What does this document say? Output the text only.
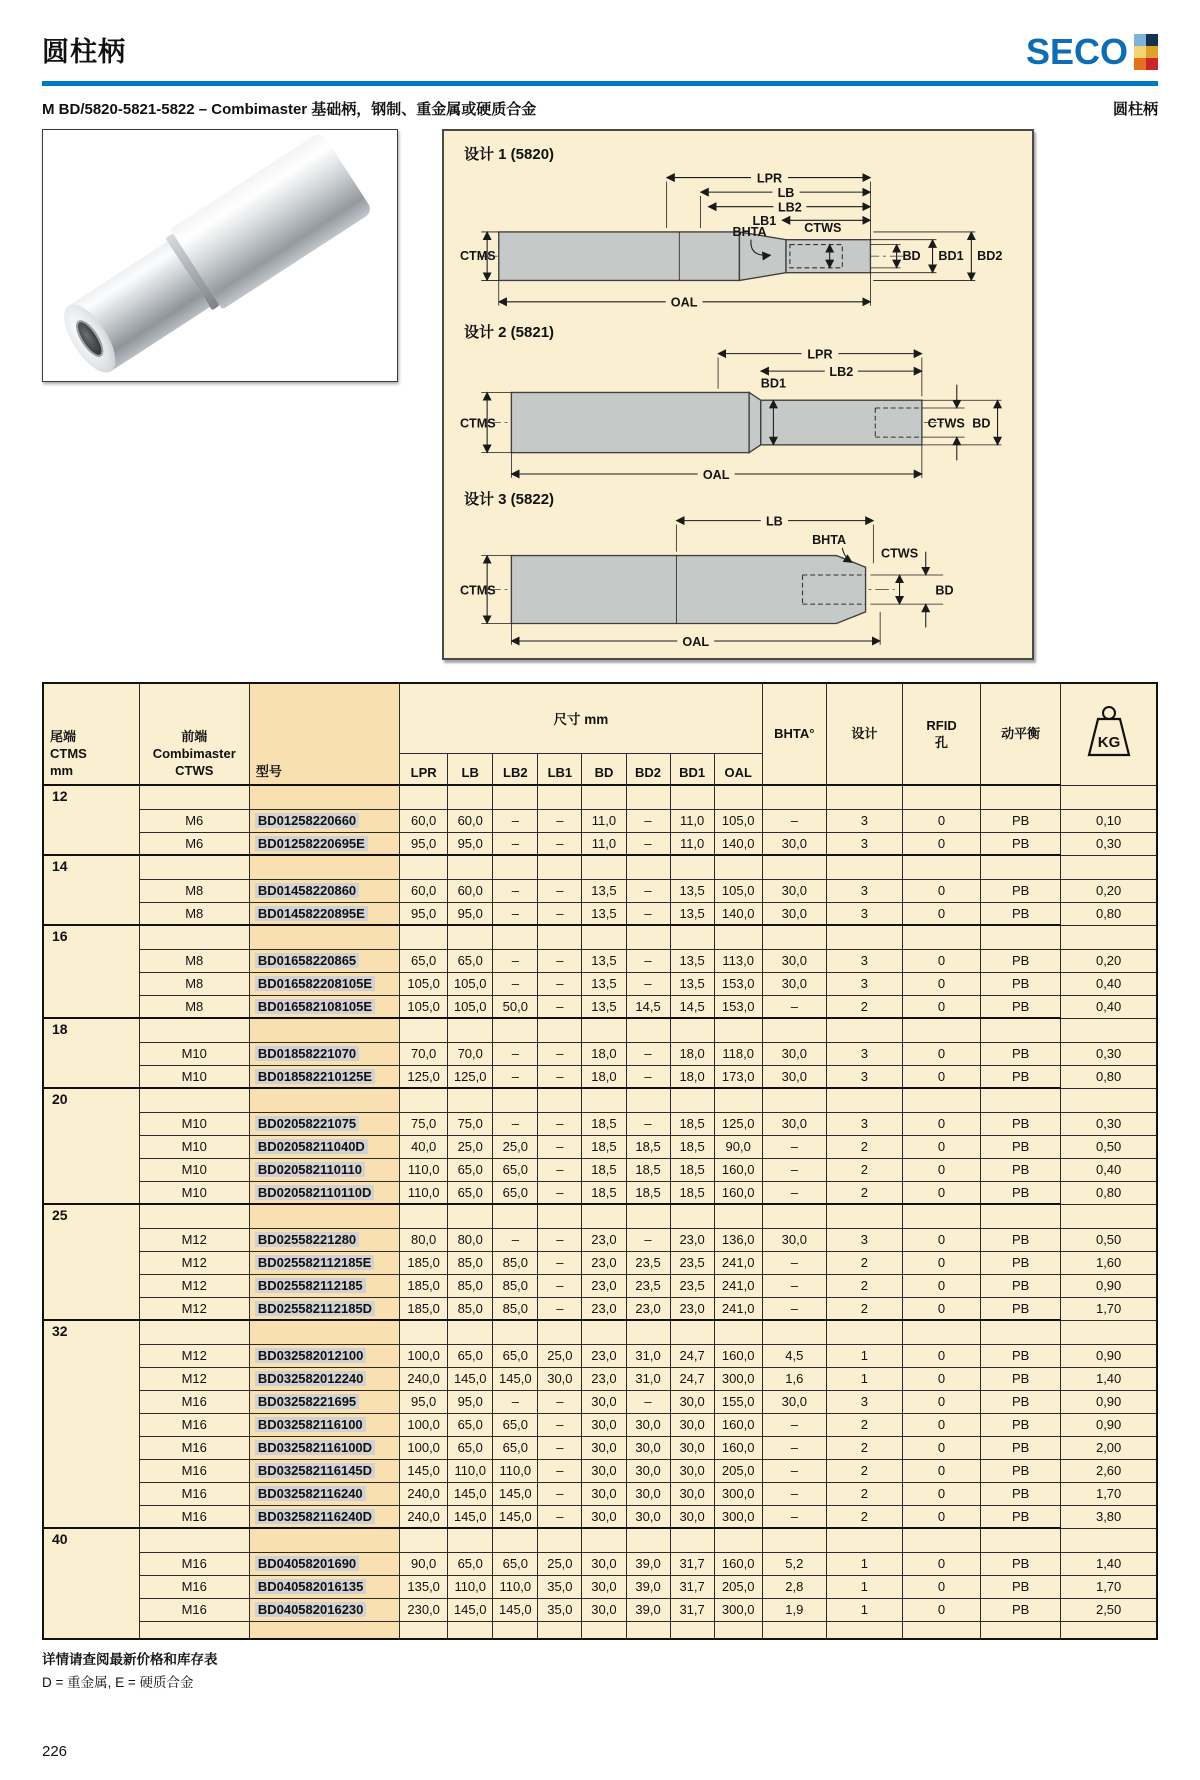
圆柱柄	SECO
M BD/5820-5821-5822 – Combimaster 基础柄，钢制、重金属或硬质合金	圆柱柄
设计 1 (5820)
LPR
LB
LB2
LB1
BHTA	CTWS
CTMS	BD BD1 BD2
OAL
设计 2 (5821)
LPR
LB2
BD1
CTMS	CTWS BD
OAL
设计 3 (5822)
LB
BHTA
CTWS
BD
CTMS
OAL
尾端
CTMS
mm	前端
Combimaster
CTWS	型号	尺寸 mm								BHTA°	设计	RFID
孔	动平衡	KG

			LPR	LB	LB2	LB1	BD	BD2	BD1	OAL					
12															
	M6	BD01258220660	60,0	60,0	–	–	11,0	–	11,0	105,0	–	3	0	PB	0,10
	M6	BD01258220695E	95,0	95,0	–	–	11,0	–	11,0	140,0	30,0	3	0	PB	0,30
14															
	M8	BD01458220860	60,0	60,0	–	–	13,5	–	13,5	105,0	30,0	3	0	PB	0,20
	M8	BD01458220895E	95,0	95,0	–	–	13,5	–	13,5	140,0	30,0	3	0	PB	0,80
16															
	M8	BD01658220865	65,0	65,0	–	–	13,5	–	13,5	113,0	30,0	3	0	PB	0,20
	M8	BD016582208105E	105,0	105,0	–	–	13,5	–	13,5	153,0	30,0	3	0	PB	0,40
	M8	BD016582108105E	105,0	105,0	50,0	–	13,5	14,5	14,5	153,0	–	2	0	PB	0,40
18															
	M10	BD01858221070	70,0	70,0	–	–	18,0	–	18,0	118,0	30,0	3	0	PB	0,30
	M10	BD018582210125E	125,0	125,0	–	–	18,0	–	18,0	173,0	30,0	3	0	PB	0,80
20															
	M10	BD02058221075	75,0	75,0	–	–	18,5	–	18,5	125,0	30,0	3	0	PB	0,30
	M10	BD02058211040D	40,0	25,0	25,0	–	18,5	18,5	18,5	90,0	–	2	0	PB	0,50
	M10	BD020582110110	110,0	65,0	65,0	–	18,5	18,5	18,5	160,0	–	2	0	PB	0,40
	M10	BD020582110110D	110,0	65,0	65,0	–	18,5	18,5	18,5	160,0	–	2	0	PB	0,80
25															
	M12	BD02558221280	80,0	80,0	–	–	23,0	–	23,0	136,0	30,0	3	0	PB	0,50
	M12	BD025582112185E	185,0	85,0	85,0	–	23,0	23,5	23,5	241,0	–	2	0	PB	1,60
	M12	BD025582112185	185,0	85,0	85,0	–	23,0	23,5	23,5	241,0	–	2	0	PB	0,90
	M12	BD025582112185D	185,0	85,0	85,0	–	23,0	23,0	23,0	241,0	–	2	0	PB	1,70
32															
	M12	BD032582012100	100,0	65,0	65,0	25,0	23,0	31,0	24,7	160,0	4,5	1	0	PB	0,90
	M12	BD032582012240	240,0	145,0	145,0	30,0	23,0	31,0	24,7	300,0	1,6	1	0	PB	1,40
	M16	BD03258221695	95,0	95,0	–	–	30,0	–	30,0	155,0	30,0	3	0	PB	0,90
	M16	BD032582116100	100,0	65,0	65,0	–	30,0	30,0	30,0	160,0	–	2	0	PB	0,90
	M16	BD032582116100D	100,0	65,0	65,0	–	30,0	30,0	30,0	160,0	–	2	0	PB	2,00
	M16	BD032582116145D	145,0	110,0	110,0	–	30,0	30,0	30,0	205,0	–	2	0	PB	2,60
	M16	BD032582116240	240,0	145,0	145,0	–	30,0	30,0	30,0	300,0	–	2	0	PB	1,70
	M16	BD032582116240D	240,0	145,0	145,0	–	30,0	30,0	30,0	300,0	–	2	0	PB	3,80
40															
	M16	BD04058201690	90,0	65,0	65,0	25,0	30,0	39,0	31,7	160,0	5,2	1	0	PB	1,40
	M16	BD040582016135	135,0	110,0	110,0	35,0	30,0	39,0	31,7	205,0	2,8	1	0	PB	1,70
	M16	BD040582016230	230,0	145,0	145,0	35,0	30,0	39,0	31,7	300,0	1,9	1	0	PB	2,50

详情请查阅最新价格和库存表
D = 重金属, E = 硬质合金
226
